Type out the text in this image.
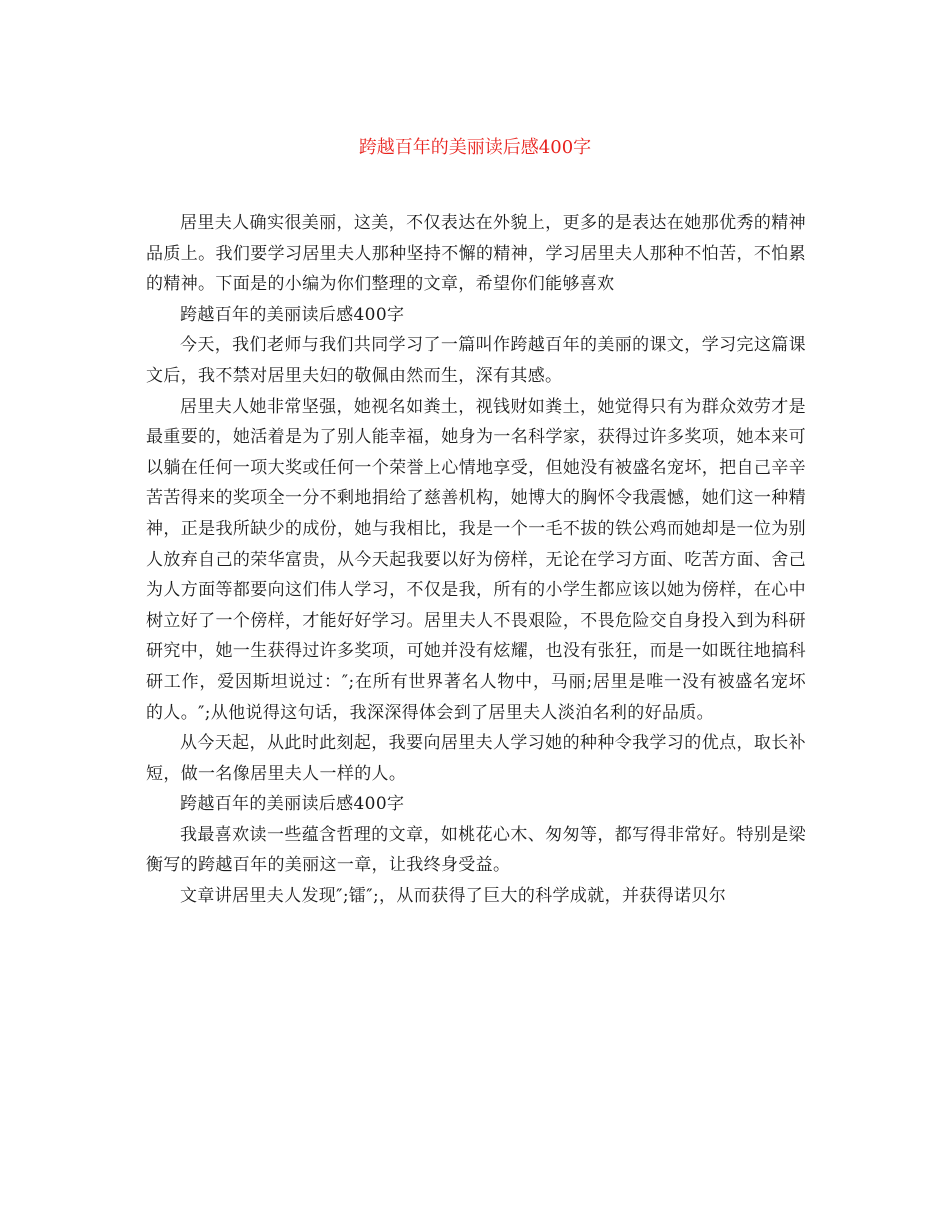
跨越百年的美丽读后感400字

居里夫人确实很美丽，这美，不仅表达在外貌上，更多的是表达在她那优秀的精神品质上。我们要学习居里夫人那种坚持不懈的精神，学习居里夫人那种不怕苦，不怕累的精神。下面是的小编为你们整理的文章，希望你们能够喜欢

跨越百年的美丽读后感400字

今天，我们老师与我们共同学习了一篇叫作跨越百年的美丽的课文，学习完这篇课文后，我不禁对居里夫妇的敬佩由然而生，深有其感。

居里夫人她非常坚强，她视名如粪土，视钱财如粪土，她觉得只有为群众效劳才是最重要的，她活着是为了别人能幸福，她身为一名科学家，获得过许多奖项，她本来可以躺在任何一项大奖或任何一个荣誉上心情地享受，但她没有被盛名宠坏，把自己辛辛苦苦得来的奖项全一分不剩地捐给了慈善机构，她博大的胸怀令我震憾，她们这一种精神，正是我所缺少的成份，她与我相比，我是一个一毛不拔的铁公鸡而她却是一位为别人放弃自己的荣华富贵，从今天起我要以好为傍样，无论在学习方面、吃苦方面、舍己为人方面等都要向这们伟人学习，不仅是我，所有的小学生都应该以她为傍样，在心中树立好了一个傍样，才能好好学习。居里夫人不畏艰险，不畏危险交自身投入到为科研研究中，她一生获得过许多奖项，可她并没有炫耀，也没有张狂，而是一如既往地搞科研工作，爱因斯坦说过：″;在所有世界著名人物中，马丽;居里是唯一没有被盛名宠坏的人。″;从他说得这句话，我深深得体会到了居里夫人淡泊名利的好品质。

从今天起，从此时此刻起，我要向居里夫人学习她的种种令我学习的优点，取长补短，做一名像居里夫人一样的人。

跨越百年的美丽读后感400字

我最喜欢读一些蕴含哲理的文章，如桃花心木、匆匆等，都写得非常好。特别是梁衡写的跨越百年的美丽这一章，让我终身受益。

文章讲居里夫人发现″;镭″;，从而获得了巨大的科学成就，并获得诺贝尔
